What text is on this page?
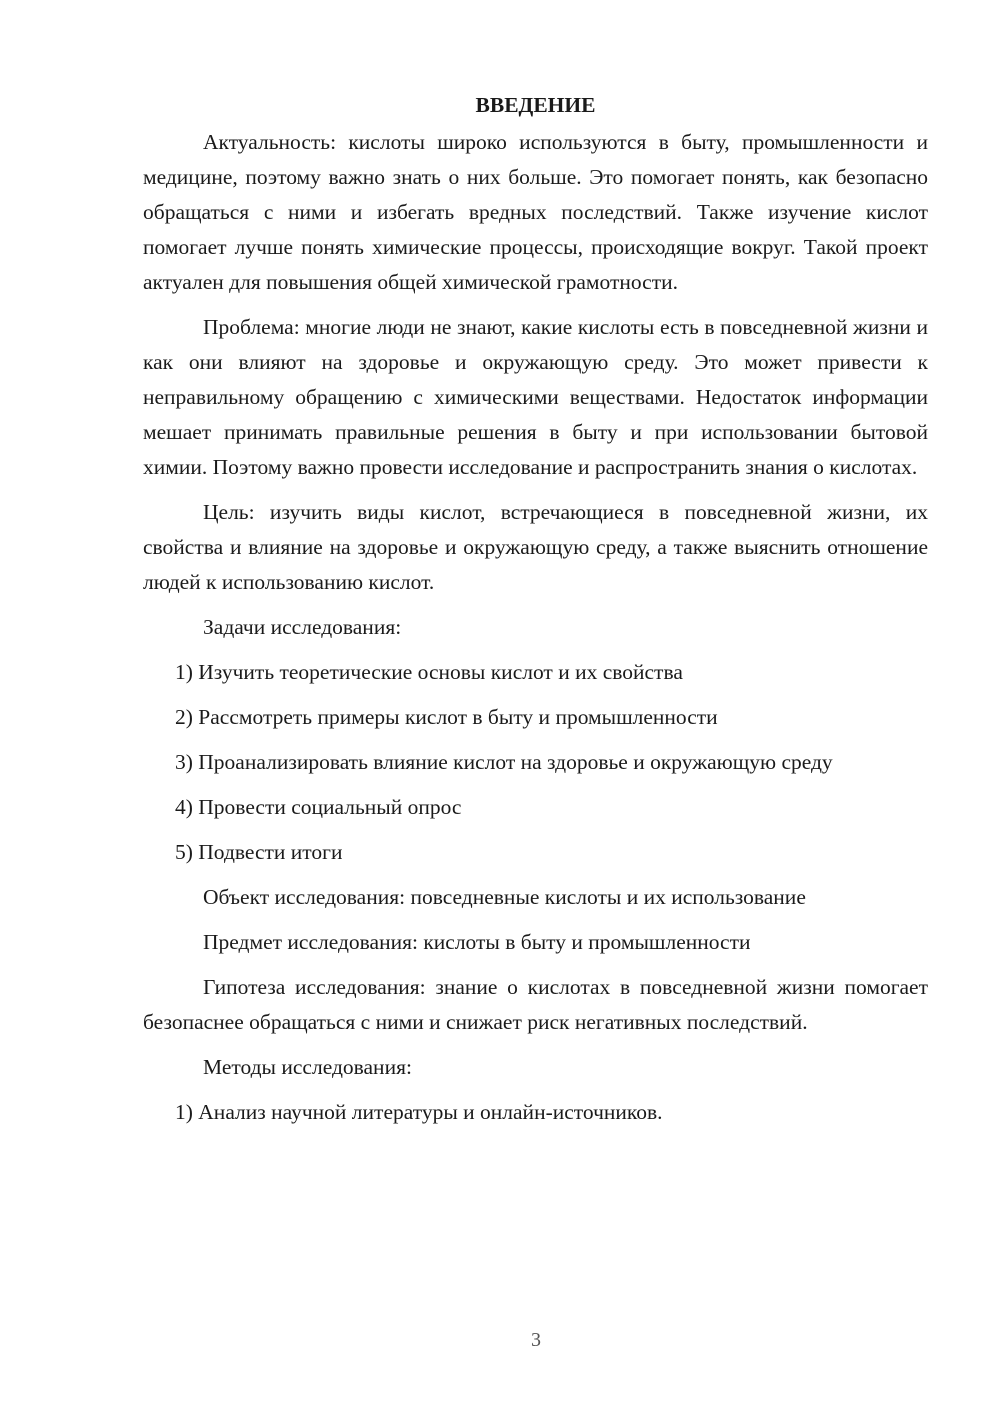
ВВЕДЕНИЕ

Актуальность: кислоты широко используются в быту, промышленности и медицине, поэтому важно знать о них больше. Это помогает понять, как безопасно обращаться с ними и избегать вредных последствий. Также изучение кислот помогает лучше понять химические процессы, происходящие вокруг. Такой проект актуален для повышения общей химической грамотности.

Проблема: многие люди не знают, какие кислоты есть в повседневной жизни и как они влияют на здоровье и окружающую среду. Это может привести к неправильному обращению с химическими веществами. Недостаток информации мешает принимать правильные решения в быту и при использовании бытовой химии. Поэтому важно провести исследование и распространить знания о кислотах.

Цель: изучить виды кислот, встречающиеся в повседневной жизни, их свойства и влияние на здоровье и окружающую среду, а также выяснить отношение людей к использованию кислот.

Задачи исследования:

1) Изучить теоретические основы кислот и их свойства

2) Рассмотреть примеры кислот в быту и промышленности

3) Проанализировать влияние кислот на здоровье и окружающую среду

4) Провести социальный опрос

5) Подвести итоги

Объект исследования: повседневные кислоты и их использование

Предмет исследования: кислоты в быту и промышленности

Гипотеза исследования: знание о кислотах в повседневной жизни помогает безопаснее обращаться с ними и снижает риск негативных последствий.

Методы исследования:

1) Анализ научной литературы и онлайн-источников.

3
